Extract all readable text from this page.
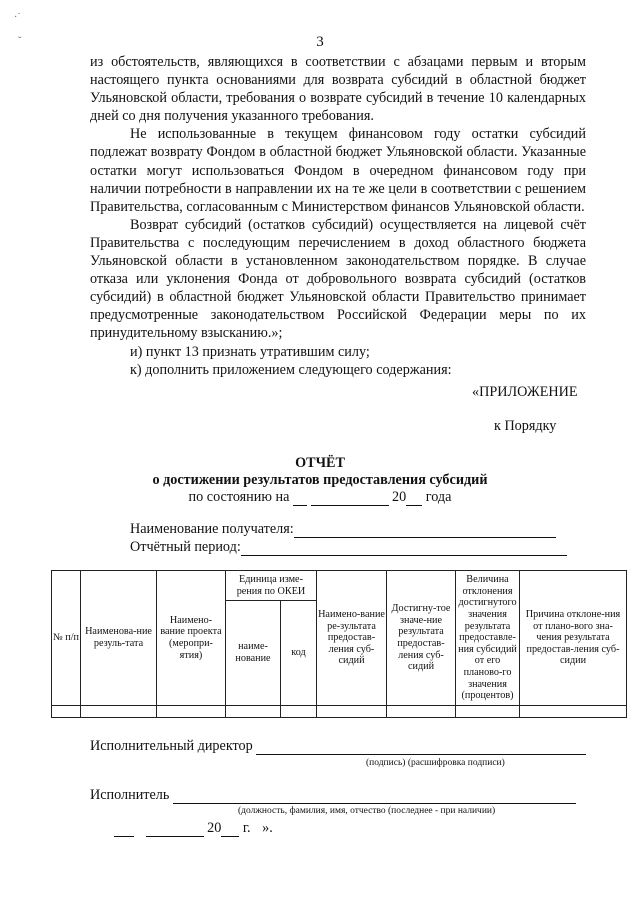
·˙
ˇ	3

из обстоятельств, являющихся в соответствии с абзацами первым и вторым настоящего пункта основаниями для возврата субсидий в областной бюджет Ульяновской области, требования о возврате субсидий в течение 10 календарных дней со дня получения указанного требования.

Не использованные в текущем финансовом году остатки субсидий подлежат возврату Фондом в областной бюджет Ульяновской области. Указанные остатки могут использоваться Фондом в очередном финансовом году при наличии потребности в направлении их на те же цели в соответствии с решением Правительства, согласованным с Министерством финансов Ульяновской области.

Возврат субсидий (остатков субсидий) осуществляется на лицевой счёт Правительства с последующим перечислением в доход областного бюджета Ульяновской области в установленном законодательством порядке. В случае отказа или уклонения Фонда от добровольного возврата субсидий (остатков субсидий) в областной бюджет Ульяновской области Правительство принимает предусмотренные законодательством Российской Федерации меры по их принудительному взысканию.»;

и) пункт 13 признать утратившим силу;

к) дополнить приложением следующего содержания:

«ПРИЛОЖЕНИЕ
к Порядку
ОТЧЁТ
о достижении результатов предоставления субсидий
по состоянию на	20 года
Наименование получателя:
Отчётный период:
№ п/п	Наименова-ние резуль-тата	Наимено-вание проекта (меропри-ятия)	Единица изме-рения по ОКЕИ		Наимено-вание ре-зультата предостав-ления суб-сидий	Достигну-тое значе-ние результата предостав-ления суб-сидий	Величина отклонения достигнутого значения результата предоставле-ния субсидий от его планово-го значения (процентов)	Причина отклоне-ния от плано-вого зна-чения результата предостав-ления суб-сидии
			наиме-нование	код				

Исполнительный директор
(подпись) (расшифровка подписи)
Исполнитель
(должность, фамилия, имя, отчество (последнее - при наличии)
20 г. ».
